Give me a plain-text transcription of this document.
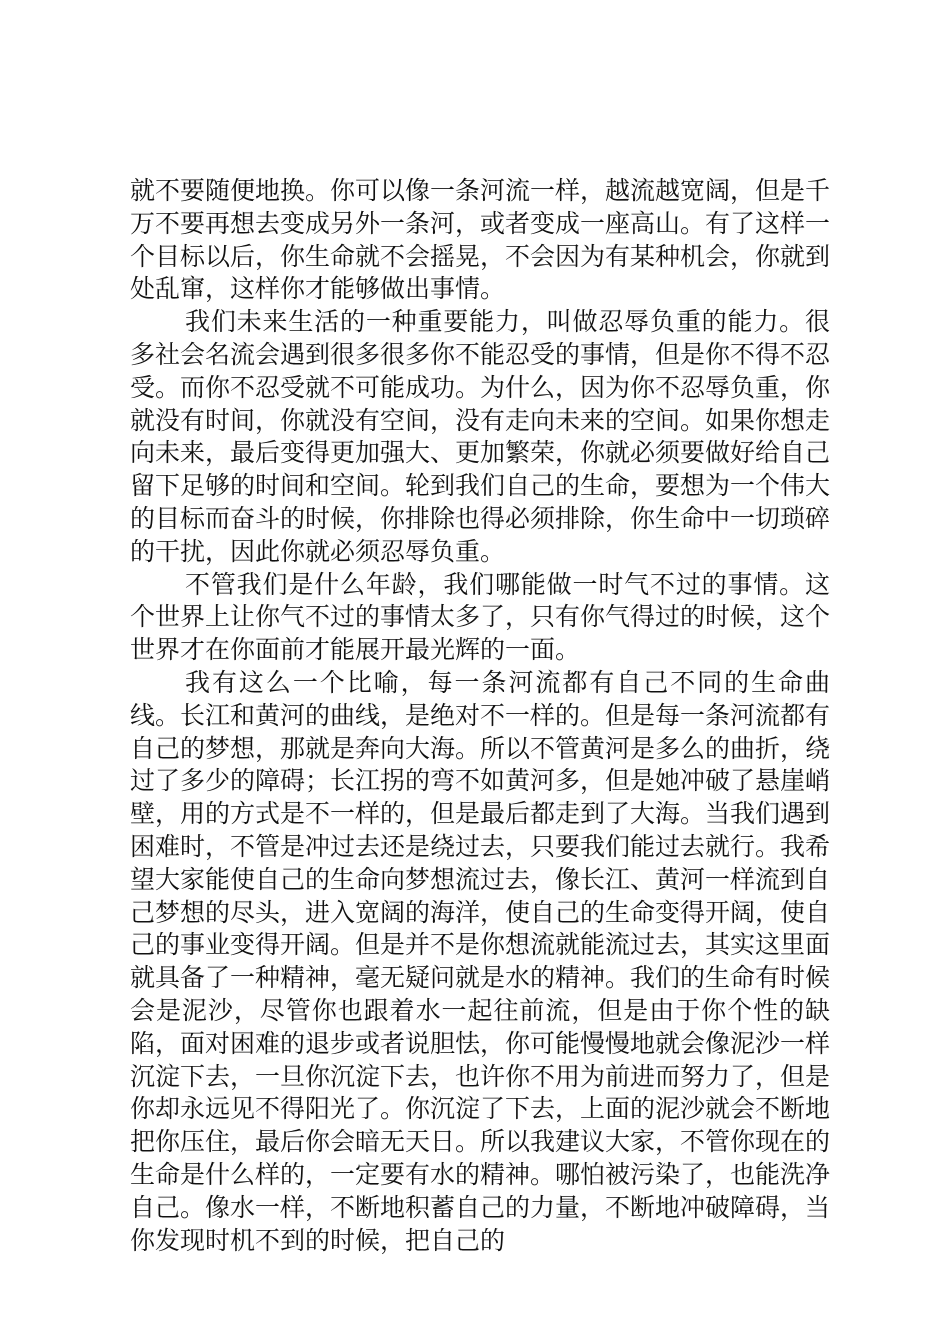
就不要随便地换。你可以像一条河流一样，越流越宽阔，但是千万不要再想去变成另外一条河，或者变成一座高山。有了这样一个目标以后，你生命就不会摇晃，不会因为有某种机会，你就到处乱窜，这样你才能够做出事情。

我们未来生活的一种重要能力，叫做忍辱负重的能力。很多社会名流会遇到很多很多你不能忍受的事情，但是你不得不忍受。而你不忍受就不可能成功。为什么，因为你不忍辱负重，你就没有时间，你就没有空间，没有走向未来的空间。如果你想走向未来，最后变得更加强大、更加繁荣，你就必须要做好给自己留下足够的时间和空间。轮到我们自己的生命，要想为一个伟大的目标而奋斗的时候，你排除也得必须排除，你生命中一切琐碎的干扰，因此你就必须忍辱负重。

不管我们是什么年龄，我们哪能做一时气不过的事情。这个世界上让你气不过的事情太多了，只有你气得过的时候，这个世界才在你面前才能展开最光辉的一面。

我有这么一个比喻，每一条河流都有自己不同的生命曲线。长江和黄河的曲线，是绝对不一样的。但是每一条河流都有自己的梦想，那就是奔向大海。所以不管黄河是多么的曲折，绕过了多少的障碍；长江拐的弯不如黄河多，但是她冲破了悬崖峭壁，用的方式是不一样的，但是最后都走到了大海。当我们遇到困难时，不管是冲过去还是绕过去，只要我们能过去就行。我希望大家能使自己的生命向梦想流过去，像长江、黄河一样流到自己梦想的尽头，进入宽阔的海洋，使自己的生命变得开阔，使自己的事业变得开阔。但是并不是你想流就能流过去，其实这里面就具备了一种精神，毫无疑问就是水的精神。我们的生命有时候会是泥沙，尽管你也跟着水一起往前流，但是由于你个性的缺陷，面对困难的退步或者说胆怯，你可能慢慢地就会像泥沙一样沉淀下去，一旦你沉淀下去，也许你不用为前进而努力了，但是你却永远见不得阳光了。你沉淀了下去，上面的泥沙就会不断地把你压住，最后你会暗无天日。所以我建议大家，不管你现在的生命是什么样的，一定要有水的精神。哪怕被污染了，也能洗净自己。像水一样，不断地积蓄自己的力量，不断地冲破障碍，当你发现时机不到的时候，把自己的
